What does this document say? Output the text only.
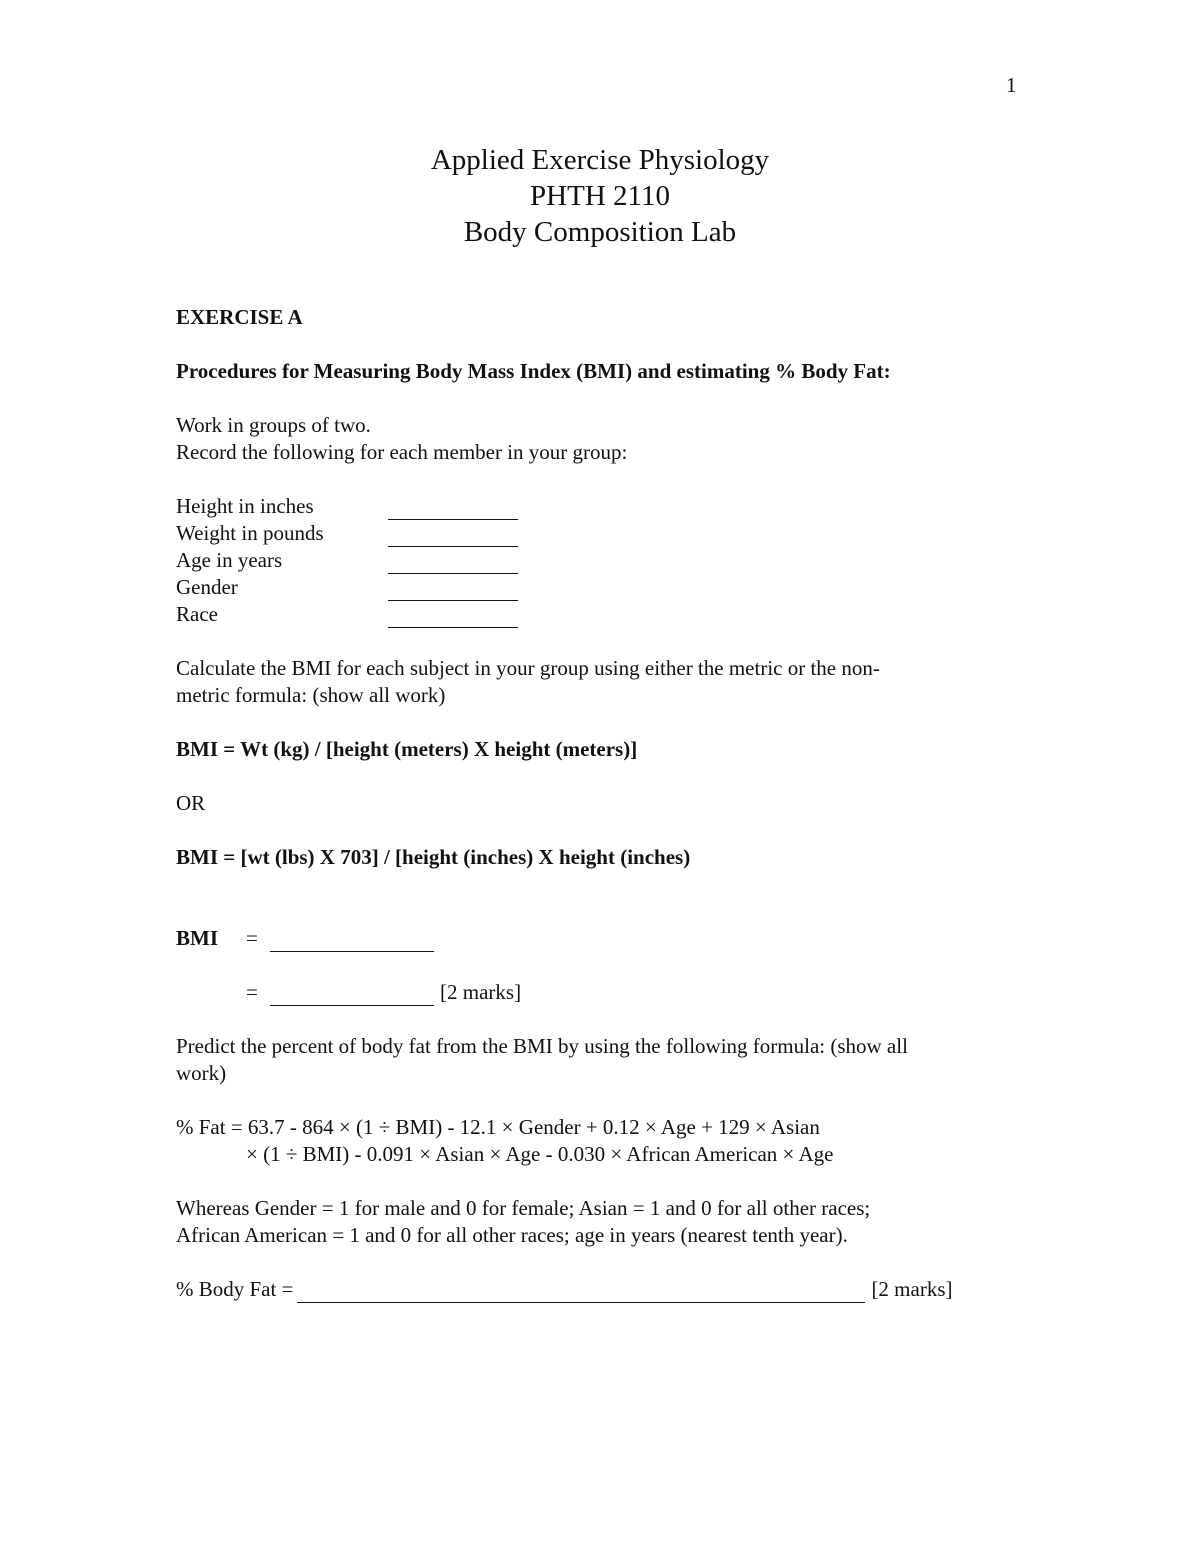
1
Applied Exercise Physiology
PHTH 2110
Body Composition Lab

EXERCISE A

Procedures for Measuring Body Mass Index (BMI) and estimating % Body Fat:

Work in groups of two.

Record the following for each member in your group:

Height in inches
Weight in pounds
Age in years
Gender
Race

Calculate the BMI for each subject in your group using either the metric or the non-

metric formula: (show all work)

BMI = Wt (kg) / [height (meters) X height (meters)]

OR

BMI = [wt (lbs) X 703] / [height (inches) X height (inches)

BMI	=
=	[2 marks]

Predict the percent of body fat from the BMI by using the following formula: (show all

work)

% Fat = 63.7 - 864 × (1 ÷ BMI) - 12.1 × Gender + 0.12 × Age + 129 × Asian

× (1 ÷ BMI) - 0.091 × Asian × Age - 0.030 × African American × Age

Whereas Gender = 1 for male and 0 for female; Asian = 1 and 0 for all other races;

African American = 1 and 0 for all other races; age in years (nearest tenth year).

% Body Fat =	[2 marks]
